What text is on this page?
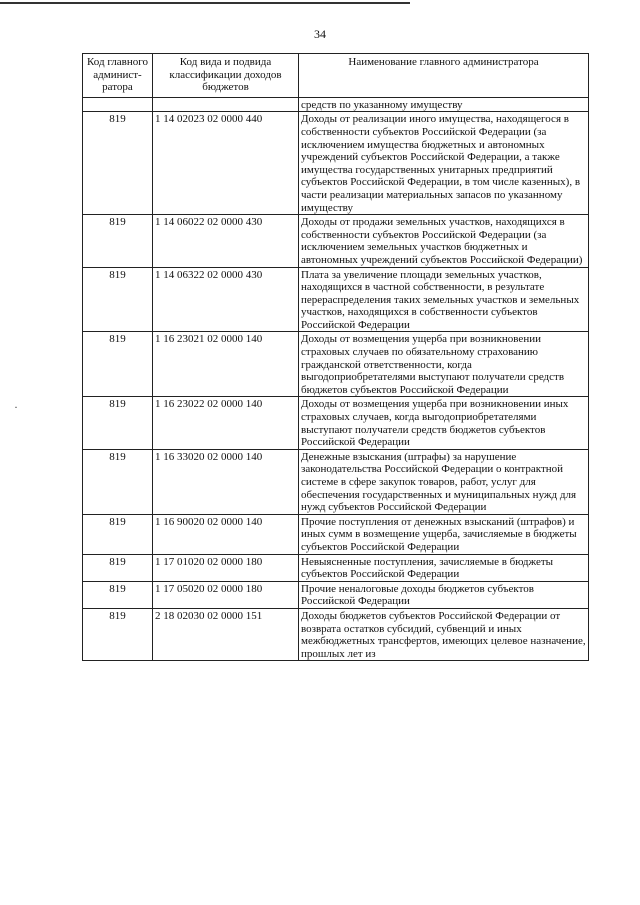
34
·
Код главного админист-ратора	Код вида и подвида классификации доходов бюджетов	Наименование главного администратора
		средств по указанному имуществу
819	1 14 02023 02 0000 440	Доходы от реализации иного имущества, находящегося в собственности субъектов Российской Федерации (за исключением имущества бюджетных и автономных учреждений субъектов Российской Федерации, а также имущества государственных унитарных предприятий субъектов Российской Федерации, в том числе казенных), в части реализации материальных запасов по указанному имуществу
819	1 14 06022 02 0000 430	Доходы от продажи земельных участков, находящихся в собственности субъектов Российской Федерации (за исключением земельных участков бюджетных и автономных учреждений субъектов Российской Федерации)
819	1 14 06322 02 0000 430	Плата за увеличение площади земельных участков, находящихся в частной собственности, в результате перераспределения таких земельных участков и земельных участков, находящихся в собственности субъектов Российской Федерации
819	1 16 23021 02 0000 140	Доходы от возмещения ущерба при возникновении страховых случаев по обязательному страхованию гражданской ответственности, когда выгодоприобретателями выступают получатели средств бюджетов субъектов Российской Федерации
819	1 16 23022 02 0000 140	Доходы от возмещения ущерба при возникновении иных страховых случаев, когда выгодоприобретателями выступают получатели средств бюджетов субъектов Российской Федерации
819	1 16 33020 02 0000 140	Денежные взыскания (штрафы) за нарушение законодательства Российской Федерации о контрактной системе в сфере закупок товаров, работ, услуг для обеспечения государственных и муниципальных нужд для нужд субъектов Российской Федерации
819	1 16 90020 02 0000 140	Прочие поступления от денежных взысканий (штрафов) и иных сумм в возмещение ущерба, зачисляемые в бюджеты субъектов Российской Федерации
819	1 17 01020 02 0000 180	Невыясненные поступления, зачисляемые в бюджеты субъектов Российской Федерации
819	1 17 05020 02 0000 180	Прочие неналоговые доходы бюджетов субъектов Российской Федерации
819	2 18 02030 02 0000 151	Доходы бюджетов субъектов Российской Федерации от возврата остатков субсидий, субвенций и иных межбюджетных трансфертов, имеющих целевое назначение, прошлых лет из
